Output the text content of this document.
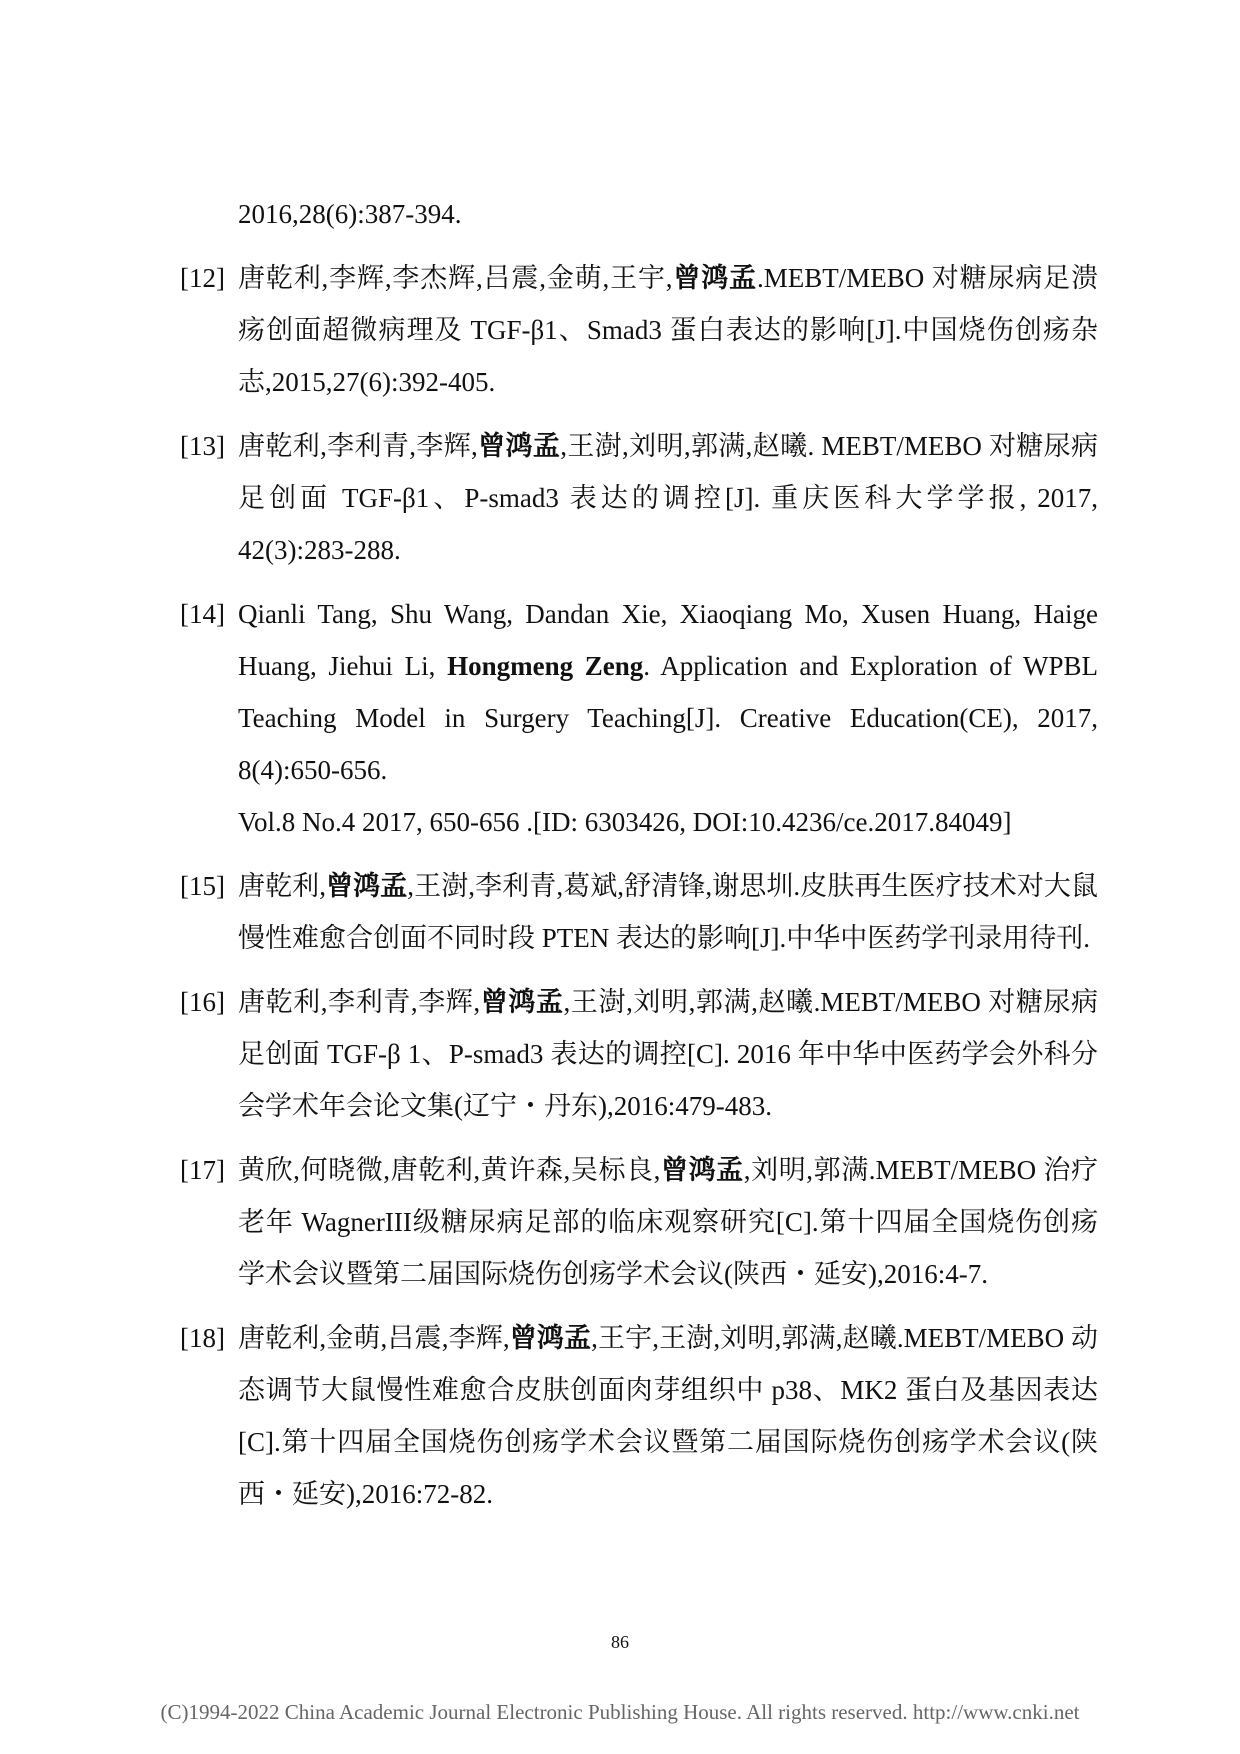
2016,28(6):387-394.
[12] 唐乾利,李辉,李杰辉,吕震,金萌,王宇,曾鸿孟.MEBT/MEBO 对糖尿病足溃疡创面超微病理及 TGF-β1、Smad3 蛋白表达的影响[J].中国烧伤创疡杂志,2015,27(6):392-405.
[13] 唐乾利,李利青,李辉,曾鸿孟,王澍,刘明,郭满,赵曦. MEBT/MEBO 对糖尿病足创面 TGF-β1、P-smad3 表达的调控[J]. 重庆医科大学学报, 2017, 42(3):283-288.
[14] Qianli Tang, Shu Wang, Dandan Xie, Xiaoqiang Mo, Xusen Huang, Haige Huang, Jiehui Li, Hongmeng Zeng. Application and Exploration of WPBL Teaching Model in Surgery Teaching[J]. Creative Education(CE), 2017, 8(4):650-656.
Vol.8 No.4 2017, 650-656 .[ID: 6303426, DOI:10.4236/ce.2017.84049]
[15] 唐乾利,曾鸿孟,王澍,李利青,葛斌,舒清锋,谢思圳.皮肤再生医疗技术对大鼠慢性难愈合创面不同时段 PTEN 表达的影响[J].中华中医药学刊录用待刊.
[16] 唐乾利,李利青,李辉,曾鸿孟,王澍,刘明,郭满,赵曦.MEBT/MEBO 对糖尿病足创面 TGF-β 1、P-smad3 表达的调控[C]. 2016 年中华中医药学会外科分会学术年会论文集(辽宁・丹东),2016:479-483.
[17] 黄欣,何晓微,唐乾利,黄许森,吴标良,曾鸿孟,刘明,郭满.MEBT/MEBO 治疗老年 WagnerIII级糖尿病足部的临床观察研究[C].第十四届全国烧伤创疡学术会议暨第二届国际烧伤创疡学术会议(陕西・延安),2016:4-7.
[18] 唐乾利,金萌,吕震,李辉,曾鸿孟,王宇,王澍,刘明,郭满,赵曦.MEBT/MEBO 动态调节大鼠慢性难愈合皮肤创面肉芽组织中 p38、MK2 蛋白及基因表达[C].第十四届全国烧伤创疡学术会议暨第二届国际烧伤创疡学术会议(陕西・延安),2016:72-82.
86
(C)1994-2022 China Academic Journal Electronic Publishing House. All rights reserved. http://www.cnki.net
